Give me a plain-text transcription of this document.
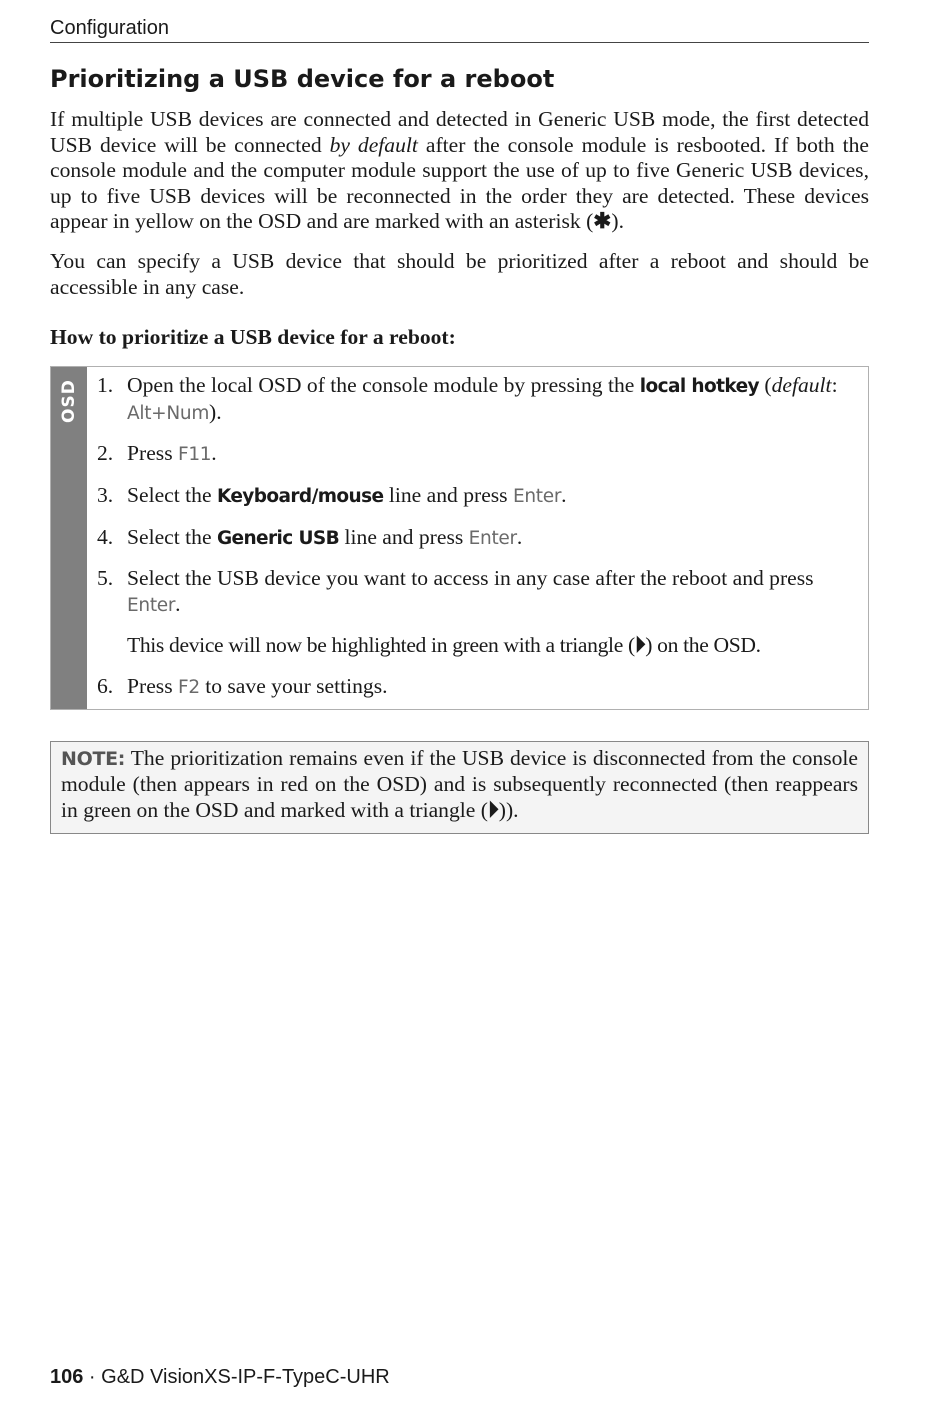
Configuration
Prioritizing a USB device for a reboot

If multiple USB devices are connected and detected in Generic USB mode, the first detected USB device will be connected by default after the console module is resbooted. If both the console module and the computer module support the use of up to five Generic USB devices, up to five USB devices will be reconnected in the order they are detected. These devices appear in yellow on the OSD and are marked with an asterisk (✱).

You can specify a USB device that should be prioritized after a reboot and should be accessible in any case.

How to prioritize a USB device for a reboot:
OSD 1. Open the local OSD of the console module by pressing the local hotkey (default: Alt+Num).
2. Press F11.
3. Select the Keyboard/mouse line and press Enter.
4. Select the Generic USB line and press Enter.
5. Select the USB device you want to access in any case after the reboot and press Enter.
This device will now be highlighted in green with a triangle (⏵) on the OSD.
6. Press F2 to save your settings.
NOTE: The prioritization remains even if the USB device is disconnected from the console module (then appears in red on the OSD) and is subsequently reconnected (then reappears in green on the OSD and marked with a triangle (⏵)).
106 · G&D VisionXS-IP-F-TypeC-UHR
